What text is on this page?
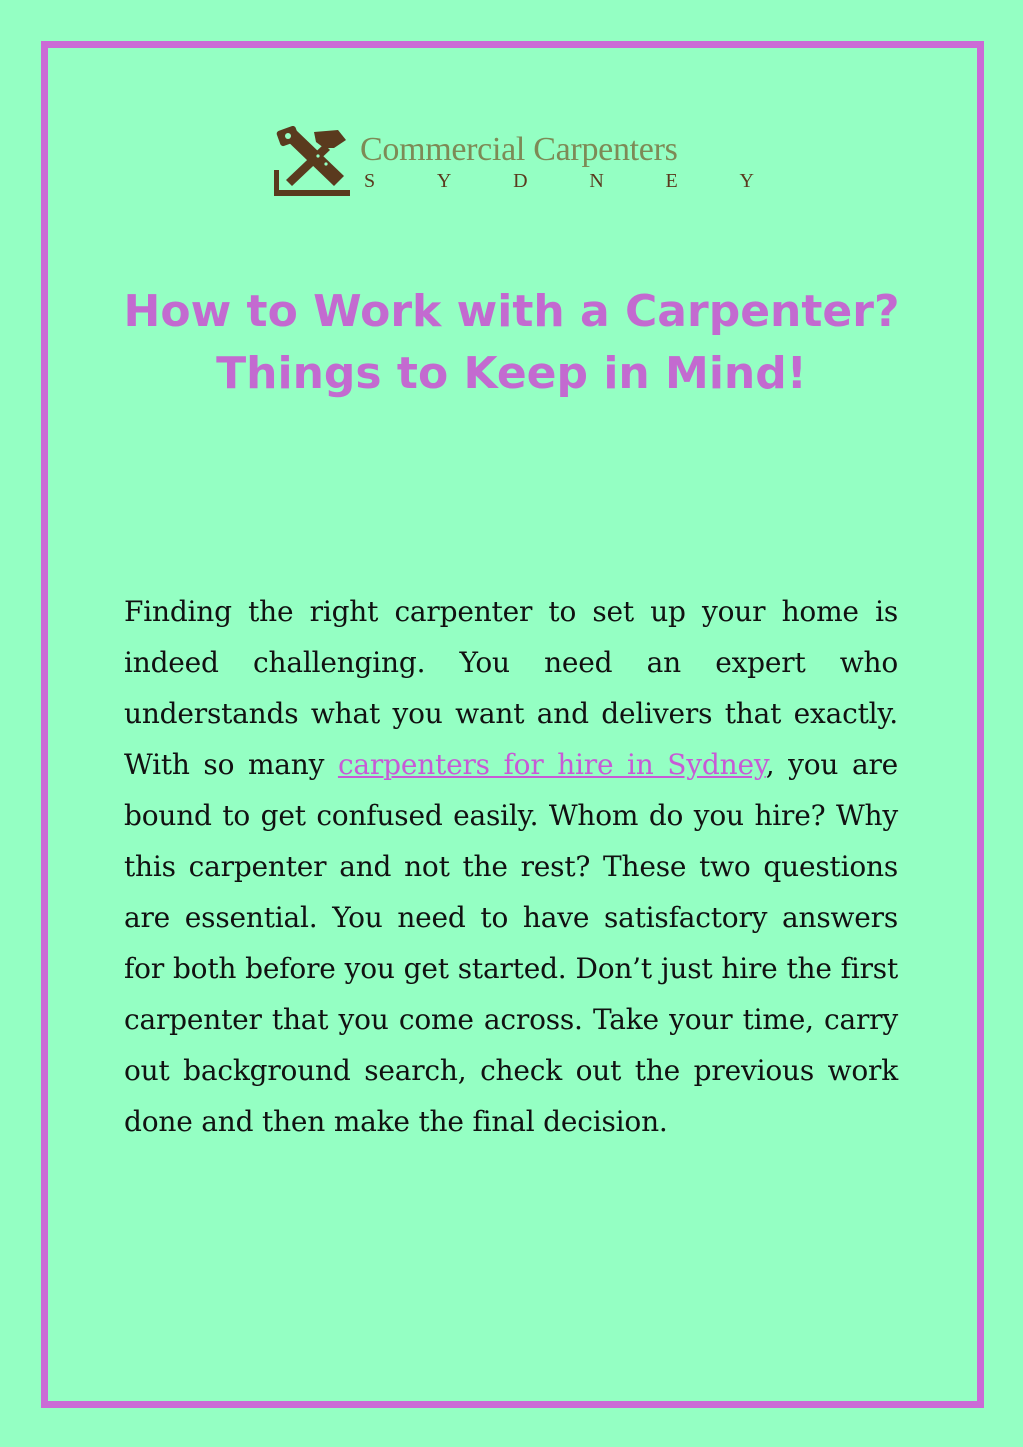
Commercial Carpenters
S	Y	D	N	E	Y
How to Work with a Carpenter? Things to Keep in Mind!

Finding the right carpenter to set up your home is indeed challenging. You need an expert who understands what you want and delivers that exactly. With so many carpenters for hire in Sydney, you are bound to get confused easily. Whom do you hire? Why this carpenter and not the rest? These two questions are essential. You need to have satisfactory answers for both before you get started. Don’t just hire the first carpenter that you come across. Take your time, carry out background search, check out the previous work done and then make the final decision.
